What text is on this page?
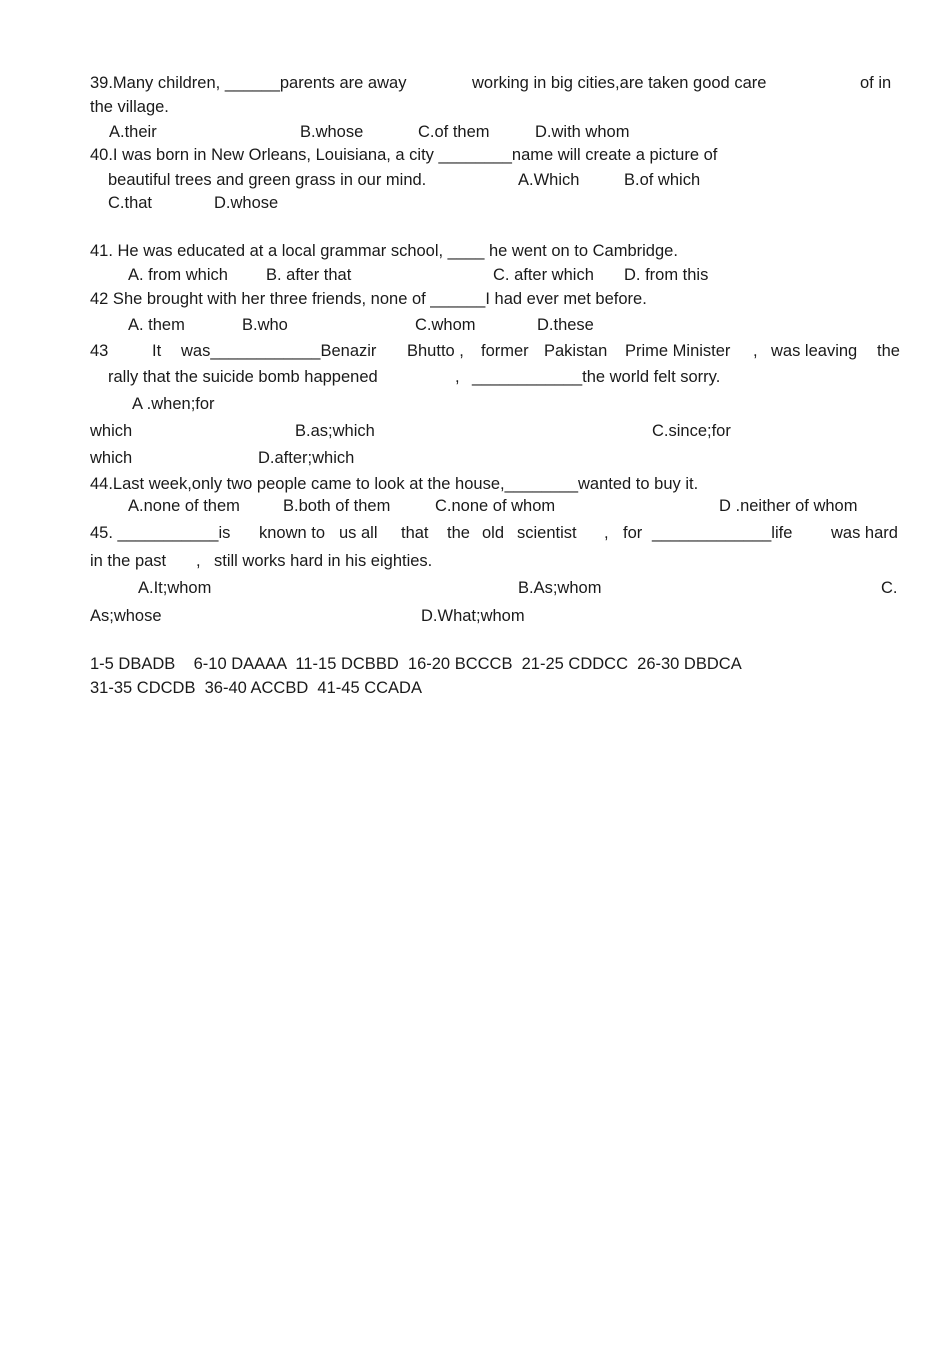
39.Many children, ______parents are away	working in big cities,are taken good care	of in
the village.
A.their	B.whose	C.of them	D.with whom
40.I was born in New Orleans, Louisiana, a city ________name will create a picture of
beautiful trees and green grass in our mind.	A.Which	B.of which
C.that	D.whose
41. He was educated at a local grammar school, ____ he went on to Cambridge.
A. from which B. after that	C. after which D. from this
42 She brought with her three friends, none of ______I had ever met before.
A. them	B.who	C.whom	D.these
43	It was____________Benazir Bhutto , former Pakistan Prime Minister , was leaving the
rally that the suicide bomb happened	, ____________the world felt sorry.
A .when;for
which	B.as;which	C.since;for
which	D.after;which
44.Last week,only two people came to look at the house,________wanted to buy it.
A.none of them	B.both of them	C.none of whom	D .neither of whom
45. ___________is known to us all that the old scientist , for _____________life was hard
in the past , still works hard in his eighties.
A.It;whom	B.As;whom	C.
As;whose	D.What;whom
1-5 DBADB    6-10 DAAAA  11-15 DCBBD  16-20 BCCCB  21-25 CDDCC  26-30 DBDCA
31-35 CDCDB  36-40 ACCBD  41-45 CCADA
